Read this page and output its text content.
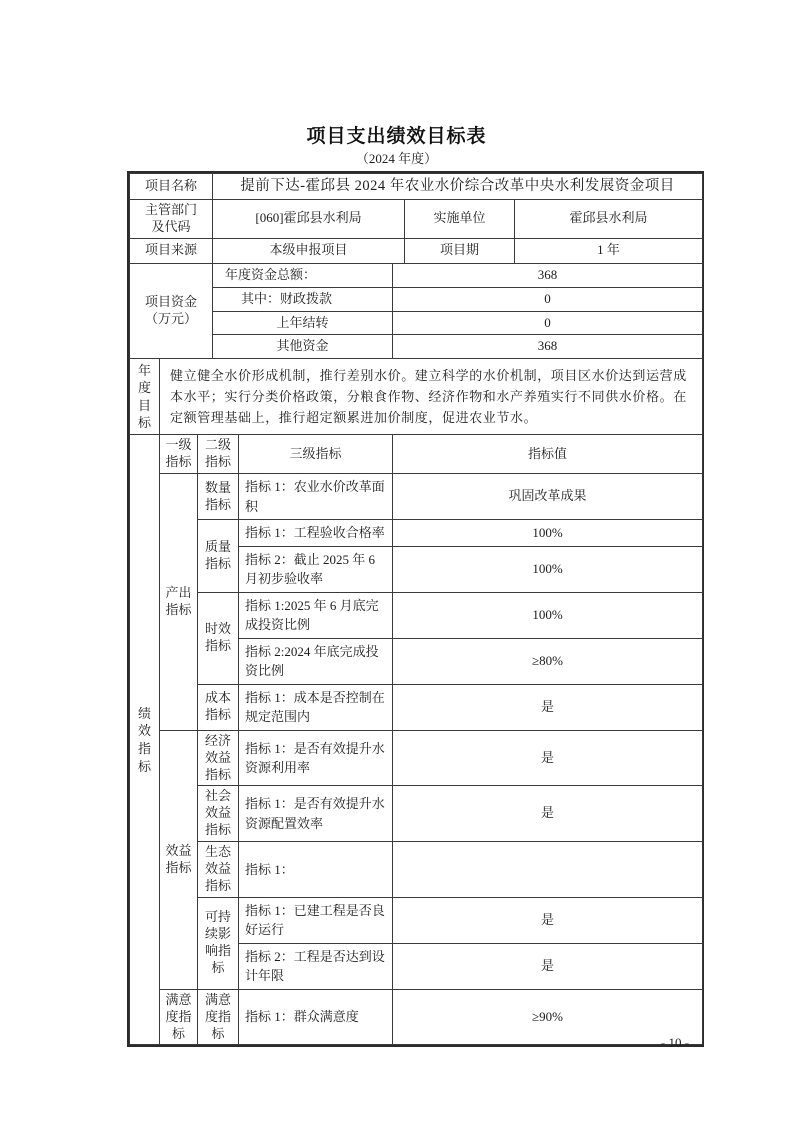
项目支出绩效目标表
（2024 年度）
项目名称	提前下达-霍邱县 2024 年农业水价综合改革中央水利发展资金项目		

主管部门
及代码	[060]霍邱县水利局	实施单位	霍邱县水利局
项目来源	本级申报项目	项目期	1 年
项目资金
（万元）	年度资金总额：	368
	其中：财政拨款	0
	上年结转	0
	其他资金	368
年度目标	健立健全水价形成机制，推行差别水价。建立科学的水价机制，项目区水价达到运营成本水平；实行分类价格政策，分粮食作物、经济作物和水产养殖实行不同供水价格。在定额管理基础上，推行超定额累进加价制度，促进农业节水。
绩效指标	一级指标	二级指标	三级指标	指标值
	产出指标	数量指标	指标 1：农业水价改革面积	巩固改革成果
		质量指标	指标 1：工程验收合格率	100%
			指标 2：截止 2025 年 6 月初步验收率	100%
		时效指标	指标 1:2025 年 6 月底完成投资比例	100%
			指标 2:2024 年底完成投资比例	≥80%
		成本指标	指标 1：成本是否控制在规定范围内	是
	效益指标	经济效益指标	指标 1：是否有效提升水资源利用率	是
		社会效益指标	指标 1：是否有效提升水资源配置效率	是
		生态效益指标	指标 1：	
		可持续影响指标	指标 1：已建工程是否良好运行	是
			指标 2：工程是否达到设计年限	是
	满意度指标	满意度指标	指标 1：群众满意度	≥90%
- 10 -
